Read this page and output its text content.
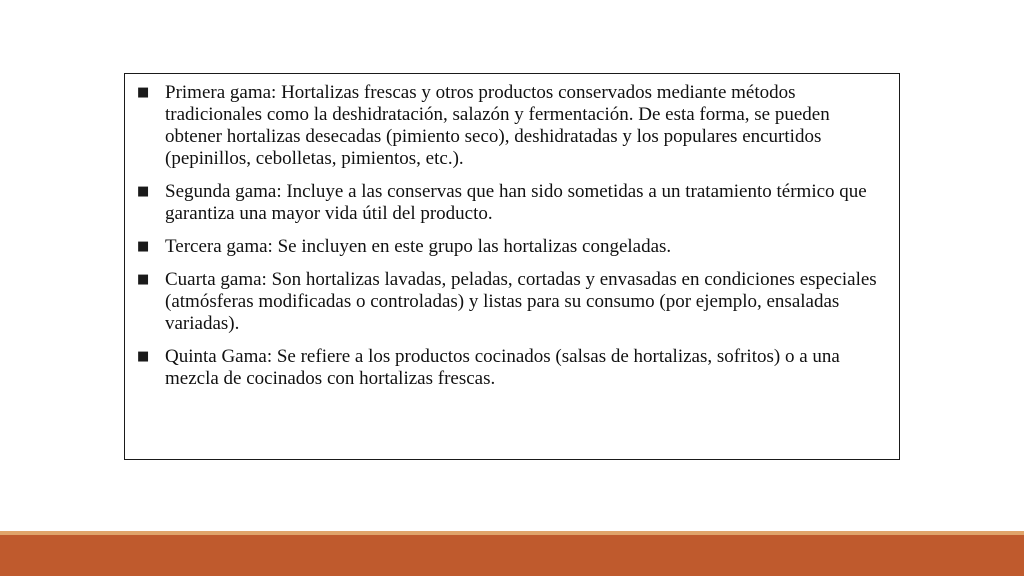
■ Primera gama: Hortalizas frescas y otros productos conservados mediante métodos tradicionales como la deshidratación, salazón y fermentación. De esta forma, se pueden obtener hortalizas desecadas (pimiento seco), deshidratadas y los populares encurtidos (pepinillos, cebolletas, pimientos, etc.).
■ Segunda gama: Incluye a las conservas que han sido sometidas a un tratamiento térmico que garantiza una mayor vida útil del producto.
■ Tercera gama: Se incluyen en este grupo las hortalizas congeladas.
■ Cuarta gama: Son hortalizas lavadas, peladas, cortadas y envasadas en condiciones especiales (atmósferas modificadas o controladas) y listas para su consumo (por ejemplo, ensaladas variadas).
■ Quinta Gama: Se refiere a los productos cocinados (salsas de hortalizas, sofritos) o a una mezcla de cocinados con hortalizas frescas.
